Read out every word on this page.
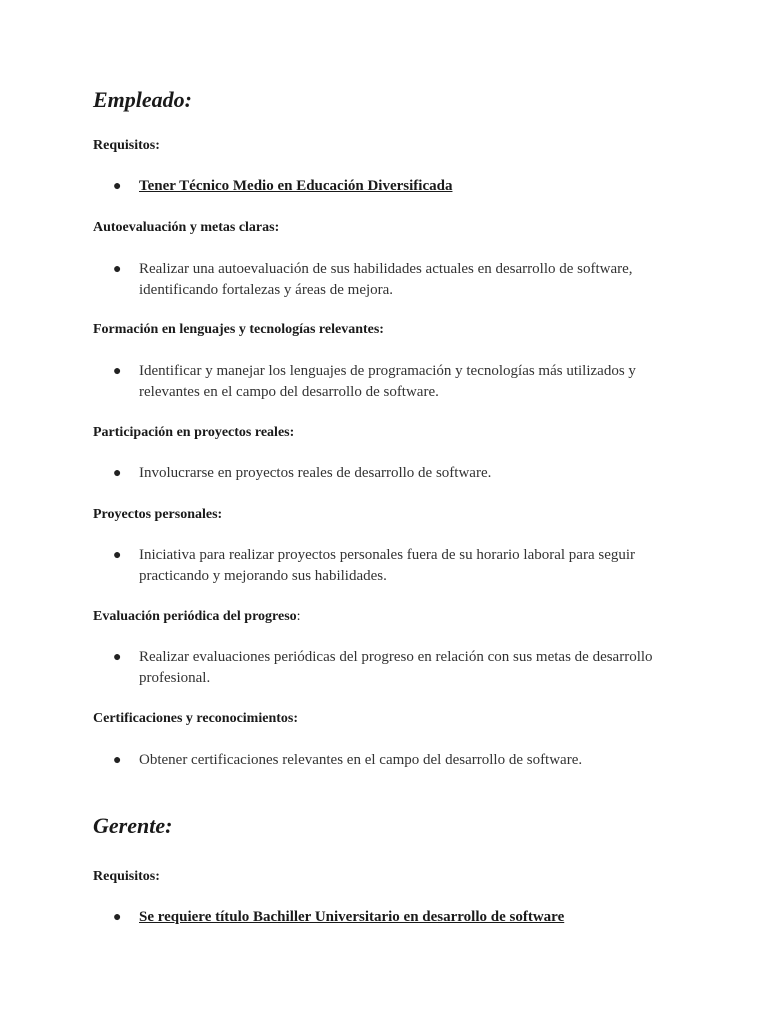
Empleado:

Requisitos:

●	Tener Técnico Medio en Educación Diversificada

Autoevaluación y metas claras:

●	Realizar una autoevaluación de sus habilidades actuales en desarrollo de software, identificando fortalezas y áreas de mejora.

Formación en lenguajes y tecnologías relevantes:

●	Identificar y manejar los lenguajes de programación y tecnologías más utilizados y relevantes en el campo del desarrollo de software.

Participación en proyectos reales:

●	Involucrarse en proyectos reales de desarrollo de software.

Proyectos personales:

●	Iniciativa para realizar proyectos personales fuera de su horario laboral para seguir practicando y mejorando sus habilidades.

Evaluación periódica del progreso:

●	Realizar evaluaciones periódicas del progreso en relación con sus metas de desarrollo profesional.

Certificaciones y reconocimientos:

●	Obtener certificaciones relevantes en el campo del desarrollo de software.
Gerente:

Requisitos:

●	Se requiere título Bachiller Universitario en desarrollo de software
